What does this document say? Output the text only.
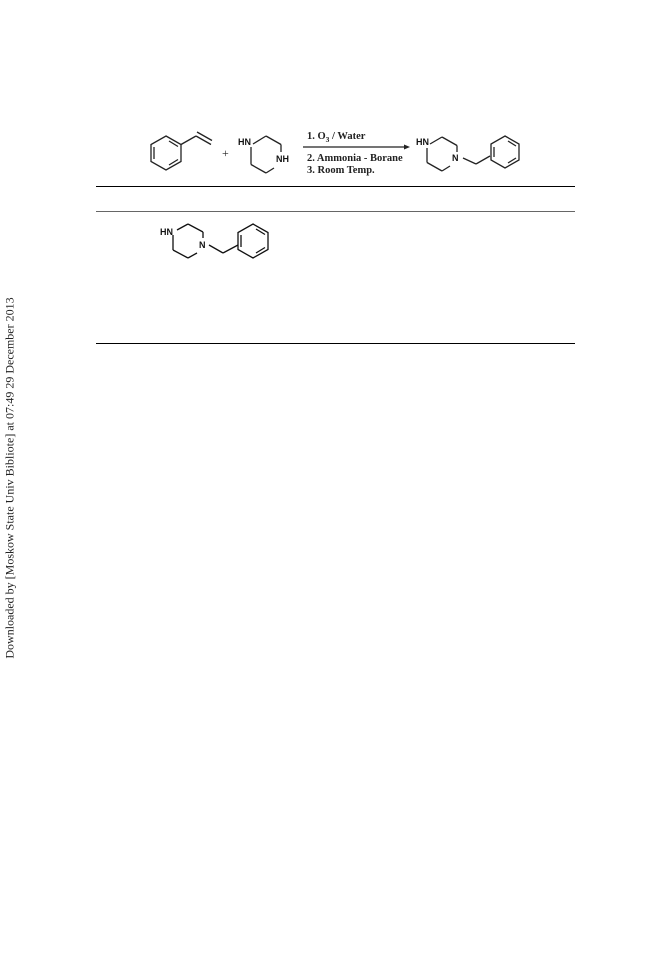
Downloaded by [Moskow State Univ Bibliote] at 07:49 29 December 2013
+
HN
NH
1. $O_3$ / Water
2. Ammonia - Borane
3. Room Temp.
HN
N
HN
N
